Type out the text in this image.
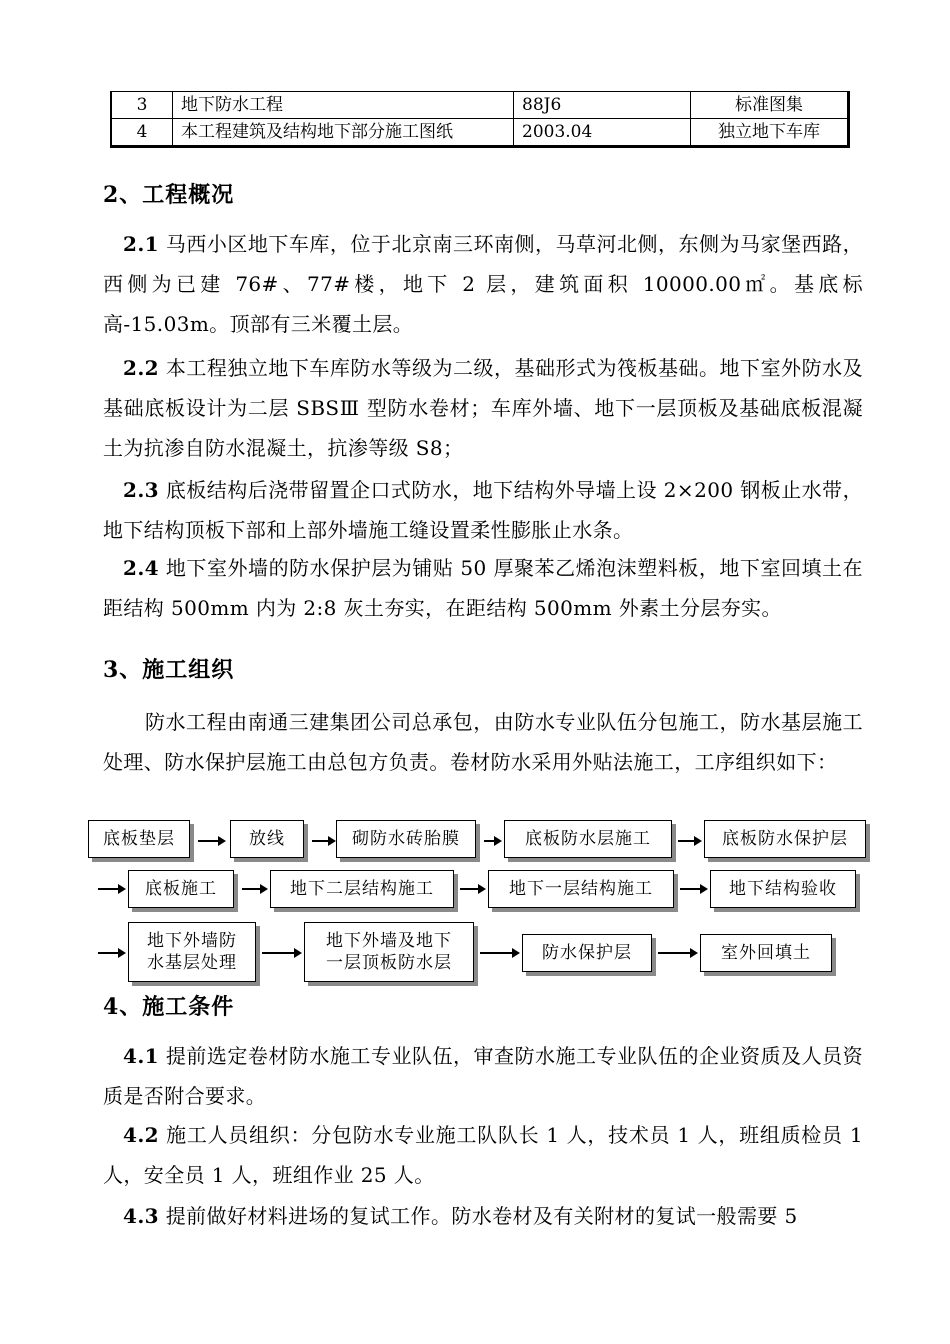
3	地下防水工程	88J6	标准图集
4	本工程建筑及结构地下部分施工图纸	2003.04	独立地下车库
2、工程概况

2.1 马西小区地下车库，位于北京南三环南侧，马草河北侧，东侧为马家堡西路，西侧为已建 76#、77#楼，地下 2 层，建筑面积 10000.00㎡。基底标高-15.03m。顶部有三米覆土层。

2.2 本工程独立地下车库防水等级为二级，基础形式为筏板基础。地下室外防水及基础底板设计为二层 SBSⅢ 型防水卷材；车库外墙、地下一层顶板及基础底板混凝土为抗渗自防水混凝土，抗渗等级 S8；

2.3 底板结构后浇带留置企口式防水，地下结构外导墙上设 2×200 钢板止水带，地下结构顶板下部和上部外墙施工缝设置柔性膨胀止水条。

2.4 地下室外墙的防水保护层为铺贴 50 厚聚苯乙烯泡沫塑料板，地下室回填土在距结构 500mm 内为 2:8 灰土夯实，在距结构 500mm 外素土分层夯实。

3、施工组织

防水工程由南通三建集团公司总承包，由防水专业队伍分包施工，防水基层施工处理、防水保护层施工由总包方负责。卷材防水采用外贴法施工，工序组织如下：

底板垫层	放线	砌防水砖胎膜	底板防水层施工	底板防水保护层
底板施工	地下二层结构施工	地下一层结构施工	地下结构验收
地下外墙防水基层处理
地下外墙及地下一层顶板防水层	防水保护层	室外回填土
4、施工条件

4.1 提前选定卷材防水施工专业队伍，审查防水施工专业队伍的企业资质及人员资质是否附合要求。

4.2 施工人员组织：分包防水专业施工队队长 1 人，技术员 1 人，班组质检员 1 人，安全员 1 人，班组作业 25 人。

4.3 提前做好材料进场的复试工作。防水卷材及有关附材的复试一般需要 5
